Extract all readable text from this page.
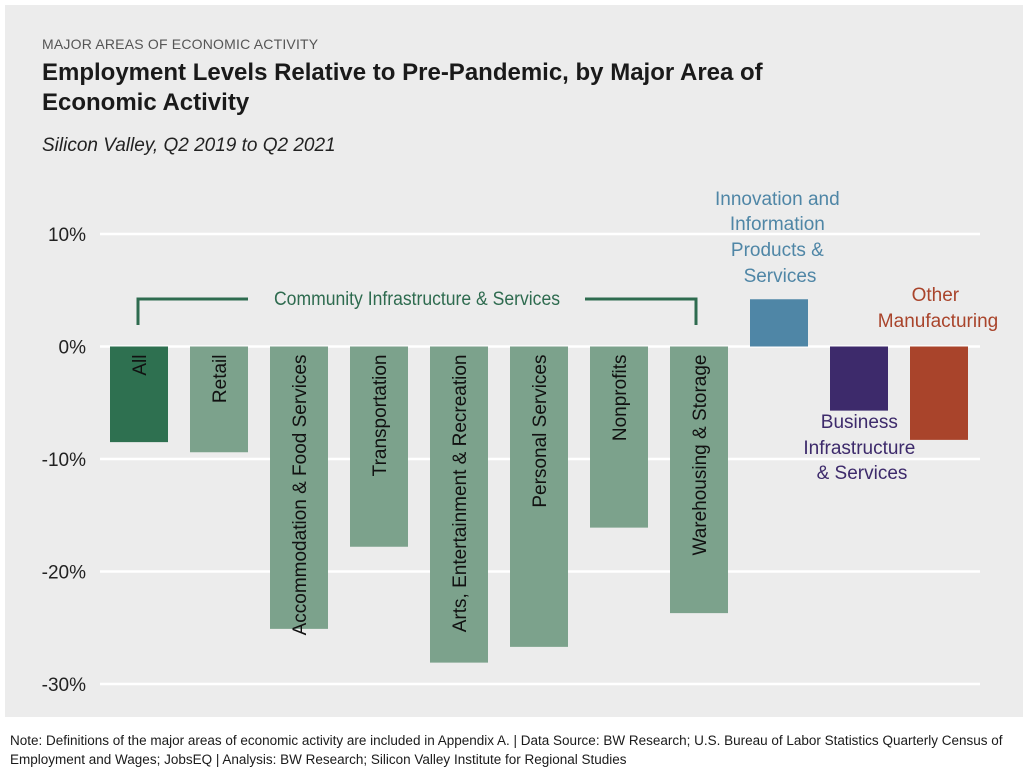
MAJOR AREAS OF ECONOMIC ACTIVITY
Employment Levels Relative to Pre-Pandemic, by Major Area of Economic Activity
Silicon Valley, Q2 2019 to Q2 2021
10%
0%
-10%
-20%
-30%
All	Retail	Accommodation & Food Services	Transportation	Arts, Entertainment & Recreation	Personal Services	Nonprofits	Warehousing & Storage
Community Infrastructure & Services
Innovation and Information Products & Services
Business Infrastructure & Services
Other Manufacturing
Note: Definitions of the major areas of economic activity are included in Appendix A. | Data Source: BW Research; U.S. Bureau of Labor Statistics Quarterly Census of Employment and Wages; JobsEQ | Analysis: BW Research; Silicon Valley Institute for Regional Studies
